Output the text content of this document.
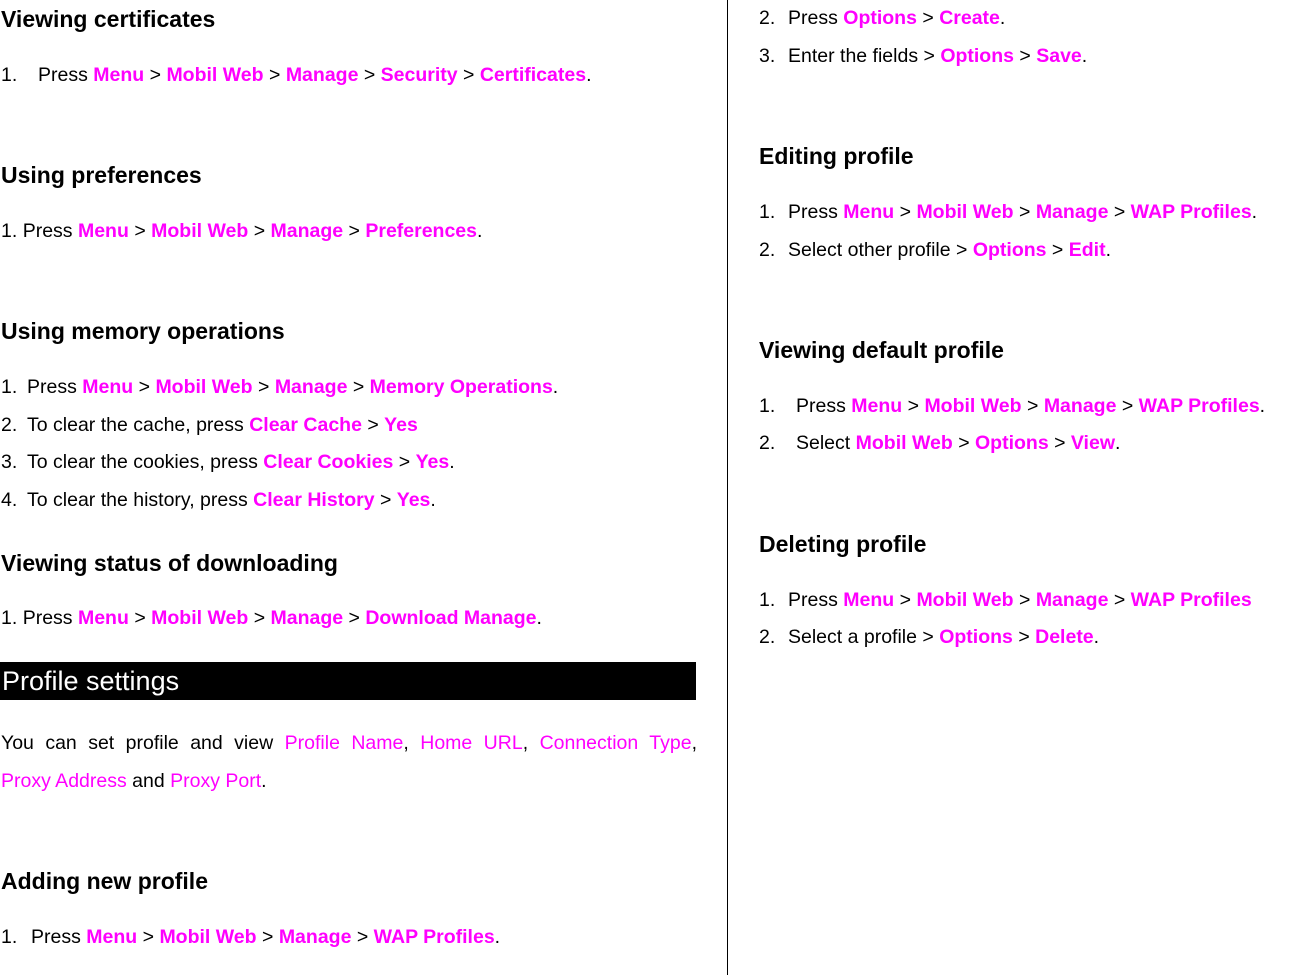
Viewing certificates
1. Press Menu > Mobil Web > Manage > Security > Certificates.
Using preferences
1. Press Menu > Mobil Web > Manage > Preferences.
Using memory operations
1. Press Menu > Mobil Web > Manage > Memory Operations.
2. To clear the cache, press Clear Cache > Yes
3. To clear the cookies, press Clear Cookies > Yes.
4. To clear the history, press Clear History > Yes.
Viewing status of downloading
1. Press Menu > Mobil Web > Manage > Download Manage.
Profile settings
You can set profile and view Profile Name, Home URL, Connection Type,
Proxy Address and Proxy Port.
Adding new profile
1. Press Menu > Mobil Web > Manage > WAP Profiles.
2. Press Options > Create.
3. Enter the fields > Options > Save.
Editing profile
1. Press Menu > Mobil Web > Manage > WAP Profiles.
2. Select other profile > Options > Edit.
Viewing default profile
1. Press Menu > Mobil Web > Manage > WAP Profiles.
2. Select Mobil Web > Options > View.
Deleting profile
1. Press Menu > Mobil Web > Manage > WAP Profiles
2. Select a profile > Options > Delete.
